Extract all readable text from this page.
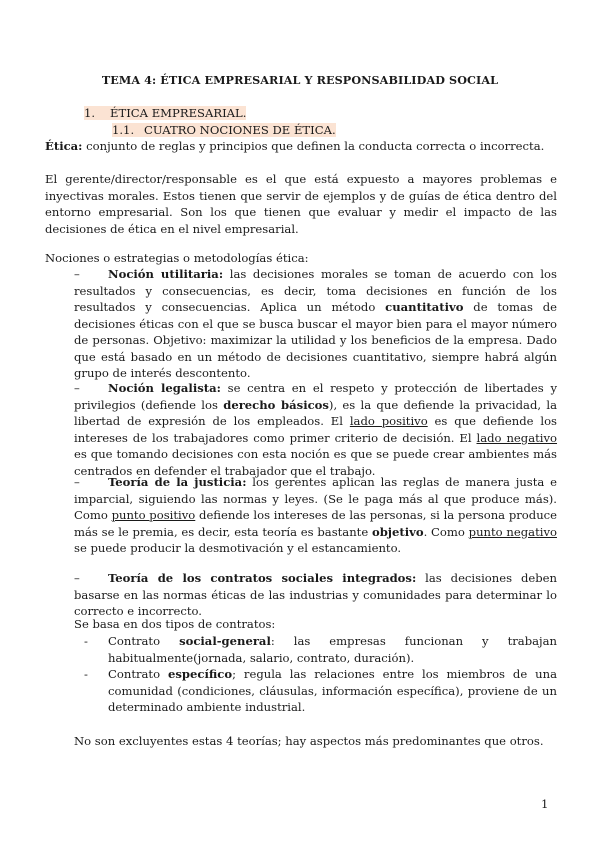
TEMA 4: ÉTICA EMPRESARIAL Y RESPONSABILIDAD SOCIAL
1. ÉTICA EMPRESARIAL.
1.1. CUATRO NOCIONES DE ÉTICA.
Ética: conjunto de reglas y principios que definen la conducta correcta o incorrecta.
El gerente/director/responsable es el que está expuesto a mayores problemas e inyectivas morales. Estos tienen que servir de ejemplos y de guías de ética dentro del entorno empresarial. Son los que tienen que evaluar y medir el impacto de las decisiones de ética en el nivel empresarial.
Nociones o estrategias o metodologías ética:
– Noción utilitaria: las decisiones morales se toman de acuerdo con los resultados y consecuencias, es decir, toma decisiones en función de los resultados y consecuencias. Aplica un método cuantitativo de tomas de decisiones éticas con el que se busca buscar el mayor bien para el mayor número de personas. Objetivo: maximizar la utilidad y los beneficios de la empresa. Dado que está basado en un método de decisiones cuantitativo, siempre habrá algún grupo de interés descontento.
– Noción legalista: se centra en el respeto y protección de libertades y privilegios (defiende los derecho básicos), es la que defiende la privacidad, la libertad de expresión de los empleados. El lado positivo es que defiende los intereses de los trabajadores como primer criterio de decisión. El lado negativo es que tomando decisiones con esta noción es que se puede crear ambientes más centrados en defender el trabajador que el trabajo.
– Teoría de la justicia: los gerentes aplican las reglas de manera justa e imparcial, siguiendo las normas y leyes. (Se le paga más al que produce más). Como punto positivo defiende los intereses de las personas, si la persona produce más se le premia, es decir, esta teoría es bastante objetivo. Como punto negativo se puede producir la desmotivación y el estancamiento.
– Teoría de los contratos sociales integrados: las decisiones deben basarse en las normas éticas de las industrias y comunidades para determinar lo correcto e incorrecto.
Se basa en dos tipos de contratos:
-	Contrato social-general: las empresas funcionan y trabajan habitualmente(jornada, salario, contrato, duración).
-	Contrato específico; regula las relaciones entre los miembros de una comunidad (condiciones, cláusulas, información específica), proviene de un determinado ambiente industrial.
No son excluyentes estas 4 teorías; hay aspectos más predominantes que otros.
1
